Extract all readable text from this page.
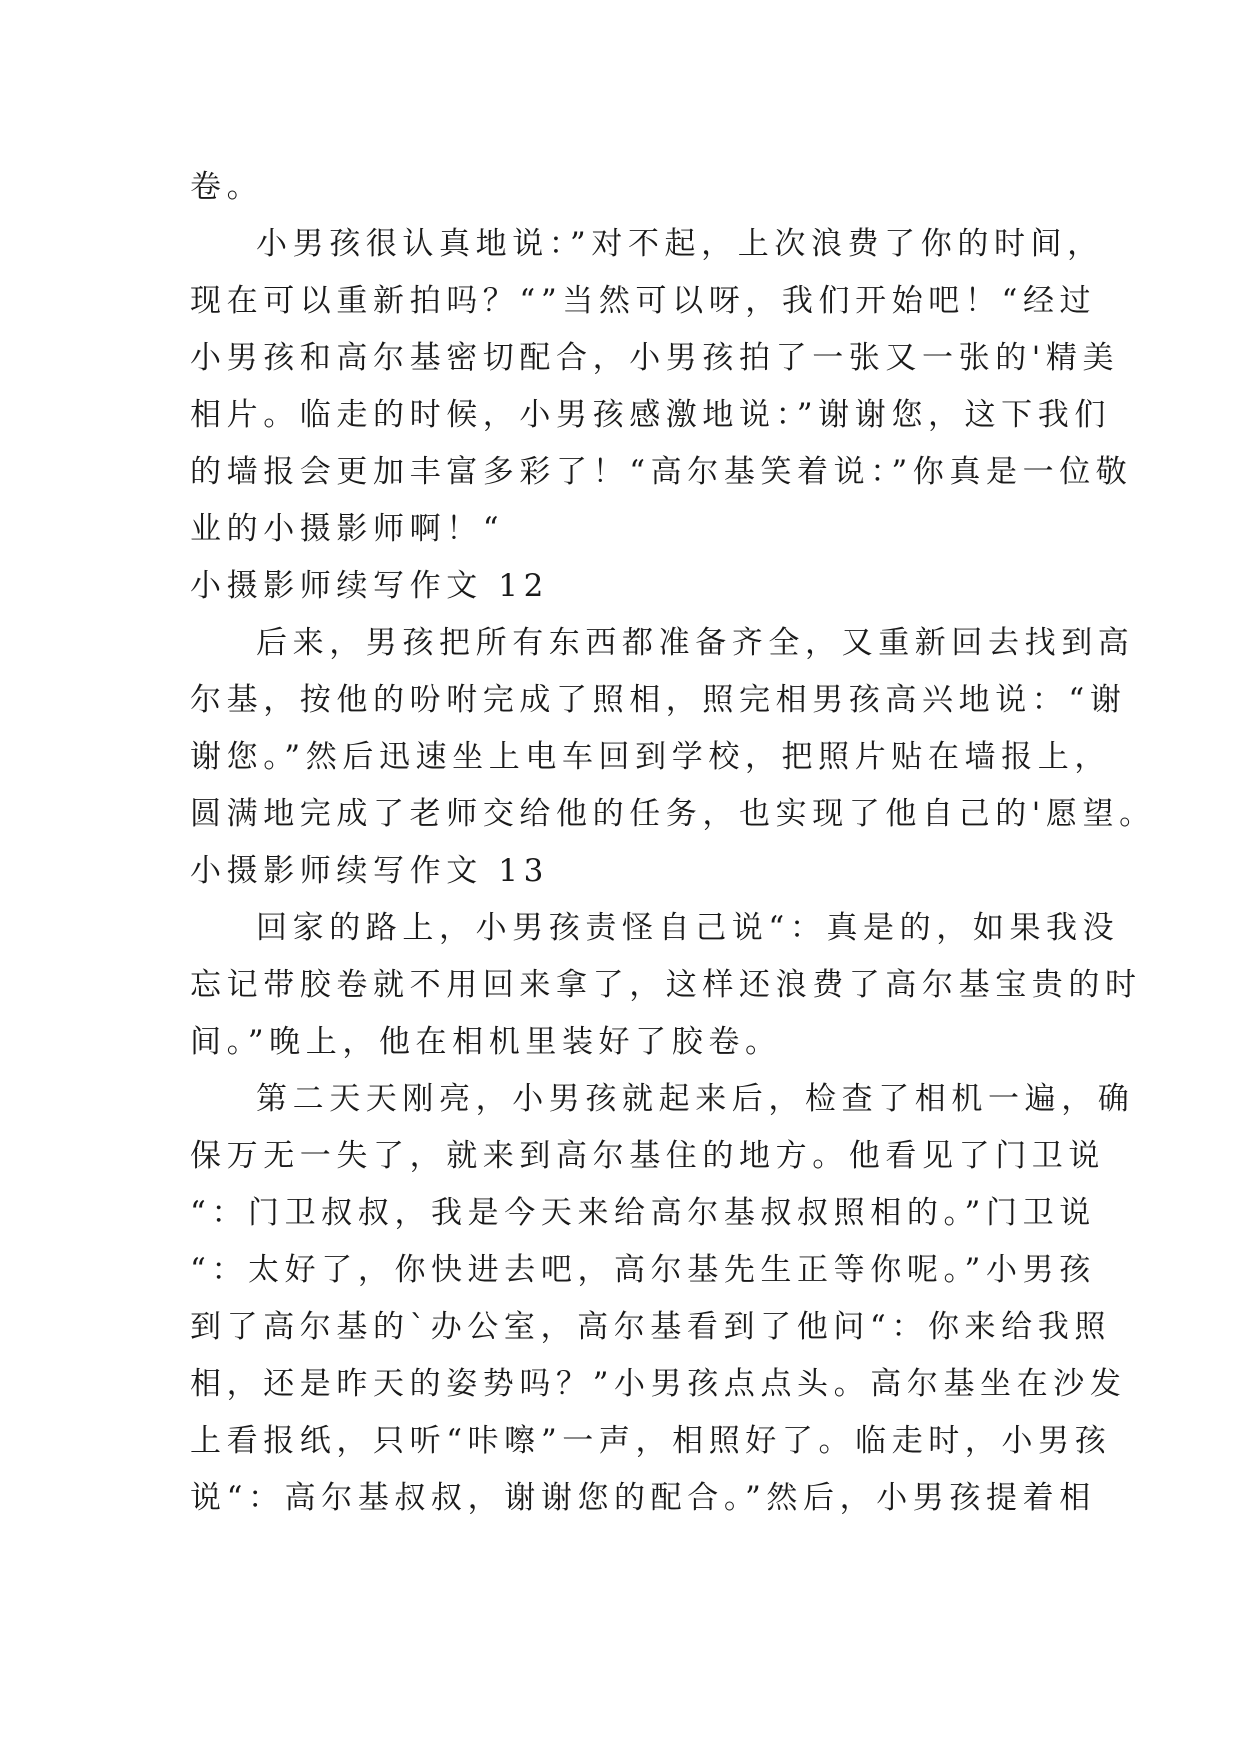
卷。
小男孩很认真地说：”对不起，上次浪费了你的时间，
现在可以重新拍吗？“”当然可以呀，我们开始吧！“经过
小男孩和高尔基密切配合，小男孩拍了一张又一张的'精美
相片。临走的时候，小男孩感激地说：”谢谢您，这下我们
的墙报会更加丰富多彩了！“高尔基笑着说：”你真是一位敬
业的小摄影师啊！“
小摄影师续写作文 12
后来，男孩把所有东西都准备齐全，又重新回去找到高
尔基，按他的吩咐完成了照相，照完相男孩高兴地说：“谢
谢您。”然后迅速坐上电车回到学校，把照片贴在墙报上，
圆满地完成了老师交给他的任务，也实现了他自己的'愿望。
小摄影师续写作文 13
回家的路上，小男孩责怪自己说“：真是的，如果我没
忘记带胶卷就不用回来拿了，这样还浪费了高尔基宝贵的时
间。”晚上，他在相机里装好了胶卷。
第二天天刚亮，小男孩就起来后，检查了相机一遍，确
保万无一失了，就来到高尔基住的地方。他看见了门卫说
“：门卫叔叔，我是今天来给高尔基叔叔照相的。”门卫说
“：太好了，你快进去吧，高尔基先生正等你呢。”小男孩
到了高尔基的`办公室，高尔基看到了他问“：你来给我照
相，还是昨天的姿势吗？”小男孩点点头。高尔基坐在沙发
上看报纸，只听“咔嚓”一声，相照好了。临走时，小男孩
说“：高尔基叔叔，谢谢您的配合。”然后，小男孩提着相
